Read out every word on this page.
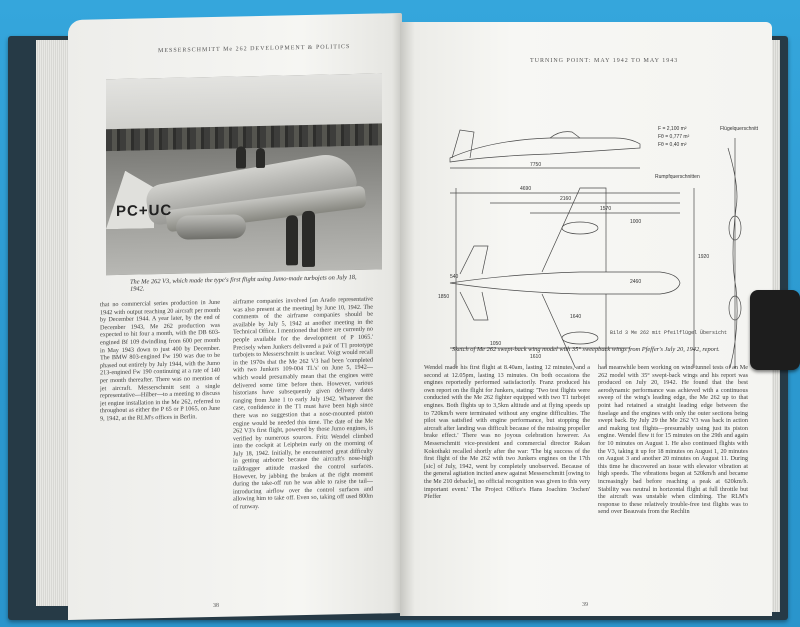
MESSERSCHMITT Me 262 DEVELOPMENT & POLITICS
PC+UC
The Me 262 V3, which made the type's first flight using Jumo-made turbojets on July 18, 1942.

that no commercial series production in June 1942 with output reaching 20 aircraft per month by December 1944. A year later, by the end of December 1943, Me 262 production was expected to hit four a month, with the DB 603-engined Bf 109 dwindling from 600 per month in May 1943 down to just 400 by December. The BMW 803-engined Fw 190 was due to be phased out entirely by July 1944, with the Jumo 213-engined Fw 190 continuing at a rate of 140 per month thereafter. There was no mention of jet aircraft. Messerschmitt sent a single representative—Hilber—to a meeting to discuss jet engine installation in the Me 262, referred to throughout as either the P 65 or P 1065, on June 9, 1942, at the RLM's offices in Berlin.

airframe companies involved [an Arado representative was also present at the meeting] by June 10, 1942. The comments of the airframe companies should be available by July 5, 1942 at another meeting in the Technical Office. I mentioned that there are currently no people available for the development of P 1065.' Precisely when Junkers delivered a pair of T1 prototype turbojets to Messerschmitt is unclear. Voigt would recall in the 1970s that the Me 262 V3 had been 'completed with two Junkers 109-004 TL's' on June 5, 1942—which would presumably mean that the engines were delivered some time before then. However, various historians have subsequently given delivery dates ranging from June 1 to early July 1942. Whatever the case, confidence in the T1 must have been high since there was no suggestion that a nose-mounted piston engine would be needed this time. The date of the Me 262 V3's first flight, powered by those Jumo engines, is verified by numerous sources. Fritz Wendel climbed into the cockpit at Leipheim early on the morning of July 18, 1942. Initially, he encountered great difficulty in getting airborne because the aircraft's nose-high taildragger attitude masked the control surfaces. However, by jabbing the brakes at the right moment during the take-off run he was able to raise the tail—introducing airflow over the control surfaces and allowing him to take off. Even so, taking off used 800m of runway.

38
TURNING POINT: MAY 1942 TO MAY 1943
F = 2,100 m²
Fθ = 0,777 m²
Fθ = 0,40 m²
Rumpfquerschnitten
Flügelquerschnitt
4690
2160
1570
1000
7750
540
1050
1610
1640
1850
1920
2460
Bild 3 Me 262 mit Pfeilflügel Übersicht
Sketch of Me 262 swept-back wing model with 35° sweepback wings from Pfeffer's July 20, 1942, report.

Wendel made his first flight at 8.40am, lasting 12 minutes, and a second at 12.05pm, lasting 13 minutes. On both occasions the engines reportedly performed satisfactorily. Franz produced his own report on the flight for Junkers, stating: 'Two test flights were conducted with the Me 262 fighter equipped with two T1 turbojet engines. Both flights up to 3,5km altitude and at flying speeds up to 720km/h were terminated without any engine difficulties. The pilot was satisfied with engine performance, but stopping the aircraft after landing was difficult because of the missing propeller brake effect.' There was no joyous celebration however. As Messerschmitt vice-president and commercial director Rakan Kokothaki recalled shortly after the war: 'The big success of the first flight of the Me 262 with two Junkers engines on the 17th [sic] of July, 1942, went by completely unobserved. Because of the general agitation incited anew against Messerschmitt [owing to the Me 210 debacle], no official recognition was given to this very important event.' The Project Office's Hans Joachim 'Jochen' Pfeffer

had meanwhile been working on wind tunnel tests of an Me 262 model with 35° swept-back wings and his report was produced on July 20, 1942. He found that the best aerodynamic performance was achieved with a continuous sweep of the wing's leading edge, the Me 262 up to that point had retained a straight leading edge between the fuselage and the engines with only the outer sections being swept back. By July 29 the Me 262 V3 was back in action and making test flights—presumably using just its piston engine. Wendel flew it for 15 minutes on the 29th and again for 10 minutes on August 1. He also continued flights with the V3, taking it up for 18 minutes on August 1, 20 minutes on August 3 and another 20 minutes on August 11. During this time he discovered an issue with elevator vibration at high speeds. The vibrations began at 520km/h and became increasingly bad before reaching a peak at 620km/h. Stability was neutral in horizontal flight at full throttle but the aircraft was unstable when climbing. The RLM's response to these relatively trouble-free test flights was to send over Beauvais from the Rechlin

39
